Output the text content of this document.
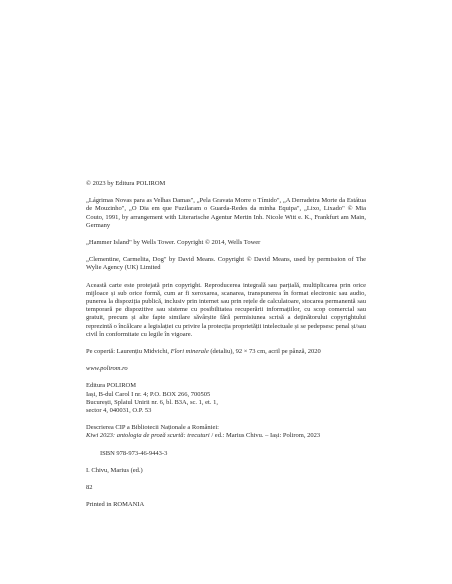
© 2023 by Editura POLIROM

„Lágrimas Novas para as Velhas Damas", „Pela Gravata Morre o Tímido", „A Derradeira Morte da Estátua de Mouzinho", „O Dia em que Fuzilaram o Guarda-Redes da minha Equipa", „Lixo, Lixado" © Mia Couto, 1991, by arrangement with Literarische Agentur Mertin Inh. Nicole Witt e. K., Frankfurt am Main, Germany

„Hammer Island" by Wells Tower. Copyright © 2014, Wells Tower

„Clementine, Carmelita, Dog" by David Means. Copyright © David Means, used by permission of The Wylie Agency (UK) Limited

Această carte este protejată prin copyright. Reproducerea integrală sau parțială, multiplicarea prin orice mijloace și sub orice formă, cum ar fi xeroxarea, scanarea, transpunerea în format electronic sau audio, punerea la dispoziția publică, inclusiv prin internet sau prin rețele de calculatoare, stocarea permanentă sau temporară pe dispozitive sau sisteme cu posibilitatea recuperării informațiilor, cu scop comercial sau gratuit, precum și alte fapte similare săvârșite fără permisiunea scrisă a deținătorului copyrightului reprezintă o încălcare a legislației cu privire la protecția proprietății intelectuale și se pedepsesc penal și/sau civil în conformitate cu legile în vigoare.

Pe copertă: Laurențiu Midvichi, Flori minerale (detaliu), 92 × 73 cm, acril pe pânză, 2020

www.polirom.ro

Editura POLIROM

Iași, B-dul Carol I nr. 4; P.O. BOX 266, 700505

București, Splaiul Unirii nr. 6, bl. B3A, sc. 1, et. 1,

sector 4, 040031, O.P. 53

Descrierea CIP a Bibliotecii Naționale a României:

Kiwi 2023: antologia de proză scurtă: trecuturi / ed.: Marius Chivu. – Iași: Polirom, 2023

ISBN 978-973-46-9443-3

I. Chivu, Marius (ed.)

82

Printed in ROMANIA
